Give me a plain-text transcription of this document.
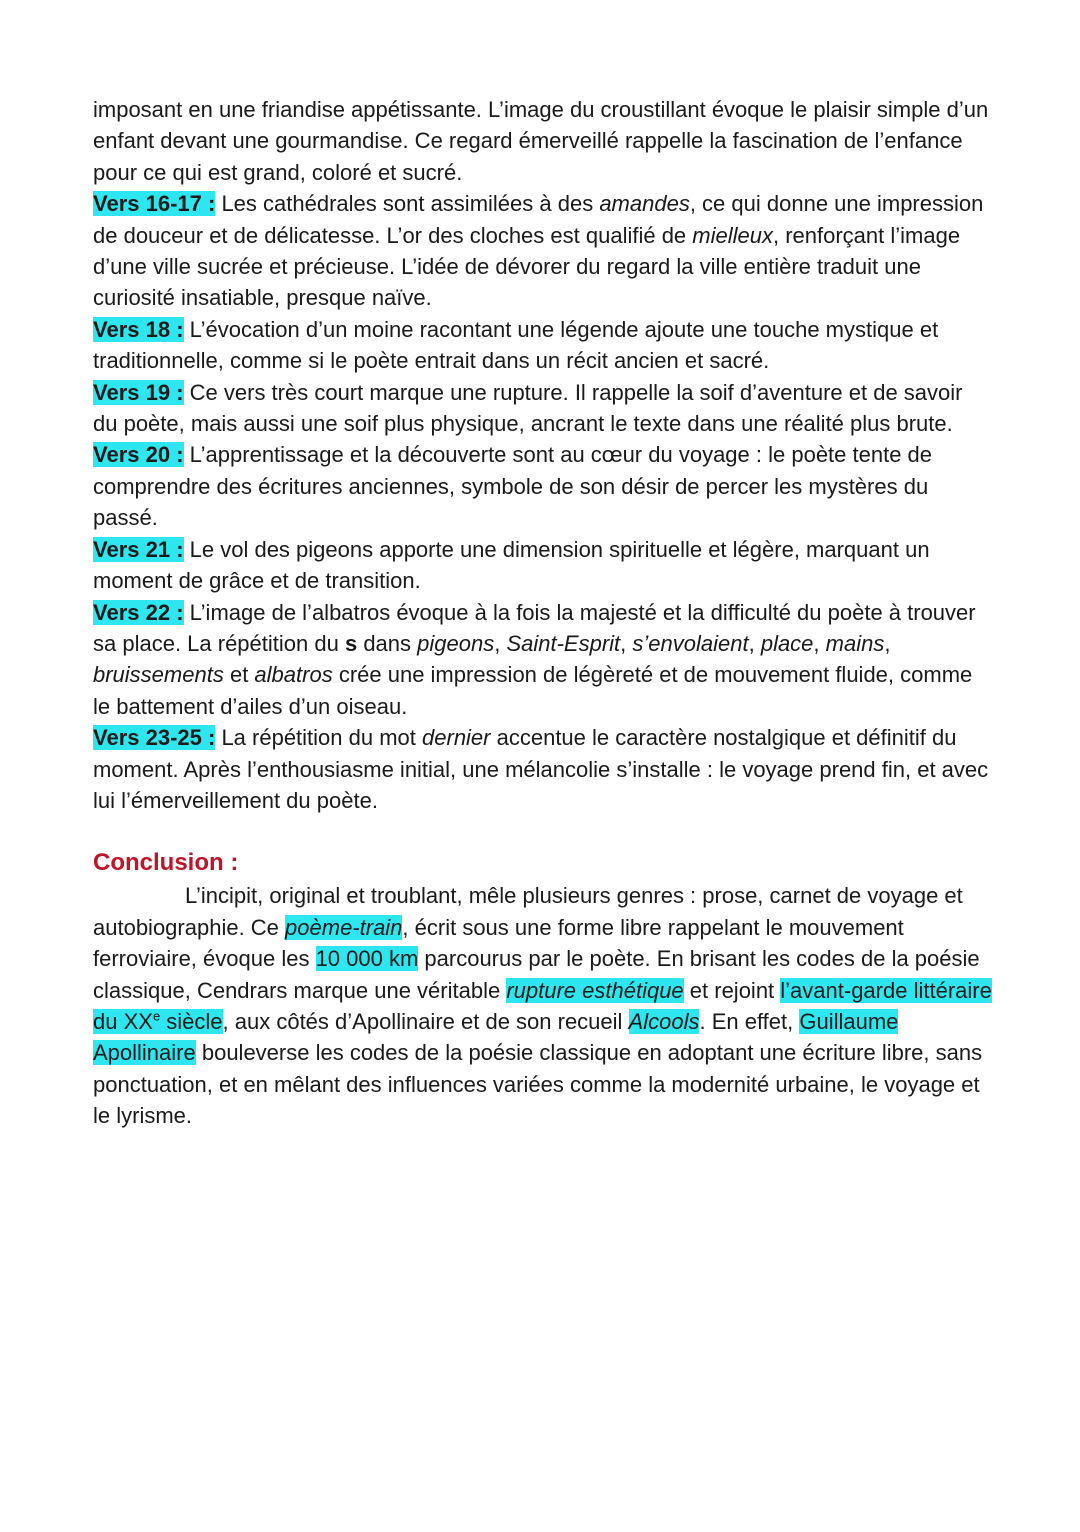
imposant en une friandise appétissante. L’image du croustillant évoque le plaisir simple d’un enfant devant une gourmandise. Ce regard émerveillé rappelle la fascination de l’enfance pour ce qui est grand, coloré et sucré.

Vers 16-17 : Les cathédrales sont assimilées à des amandes, ce qui donne une impression de douceur et de délicatesse. L’or des cloches est qualifié de mielleux, renforçant l’image d’une ville sucrée et précieuse. L’idée de dévorer du regard la ville entière traduit une curiosité insatiable, presque naïve.

Vers 18 : L’évocation d’un moine racontant une légende ajoute une touche mystique et traditionnelle, comme si le poète entrait dans un récit ancien et sacré.

Vers 19 : Ce vers très court marque une rupture. Il rappelle la soif d’aventure et de savoir du poète, mais aussi une soif plus physique, ancrant le texte dans une réalité plus brute.

Vers 20 : L’apprentissage et la découverte sont au cœur du voyage : le poète tente de comprendre des écritures anciennes, symbole de son désir de percer les mystères du passé.

Vers 21 : Le vol des pigeons apporte une dimension spirituelle et légère, marquant un moment de grâce et de transition.

Vers 22 : L’image de l’albatros évoque à la fois la majesté et la difficulté du poète à trouver sa place. La répétition du s dans pigeons, Saint-Esprit, s’envolaient, place, mains, bruissements et albatros crée une impression de légèreté et de mouvement fluide, comme le battement d’ailes d’un oiseau.

Vers 23-25 : La répétition du mot dernier accentue le caractère nostalgique et définitif du moment. Après l’enthousiasme initial, une mélancolie s’installe : le voyage prend fin, et avec lui l’émerveillement du poète.

Conclusion :

L’incipit, original et troublant, mêle plusieurs genres : prose, carnet de voyage et autobiographie. Ce poème-train, écrit sous une forme libre rappelant le mouvement ferroviaire, évoque les 10 000 km parcourus par le poète. En brisant les codes de la poésie classique, Cendrars marque une véritable rupture esthétique et rejoint l’avant-garde littéraire du XXe siècle, aux côtés d’Apollinaire et de son recueil Alcools. En effet, Guillaume Apollinaire bouleverse les codes de la poésie classique en adoptant une écriture libre, sans ponctuation, et en mêlant des influences variées comme la modernité urbaine, le voyage et le lyrisme.
